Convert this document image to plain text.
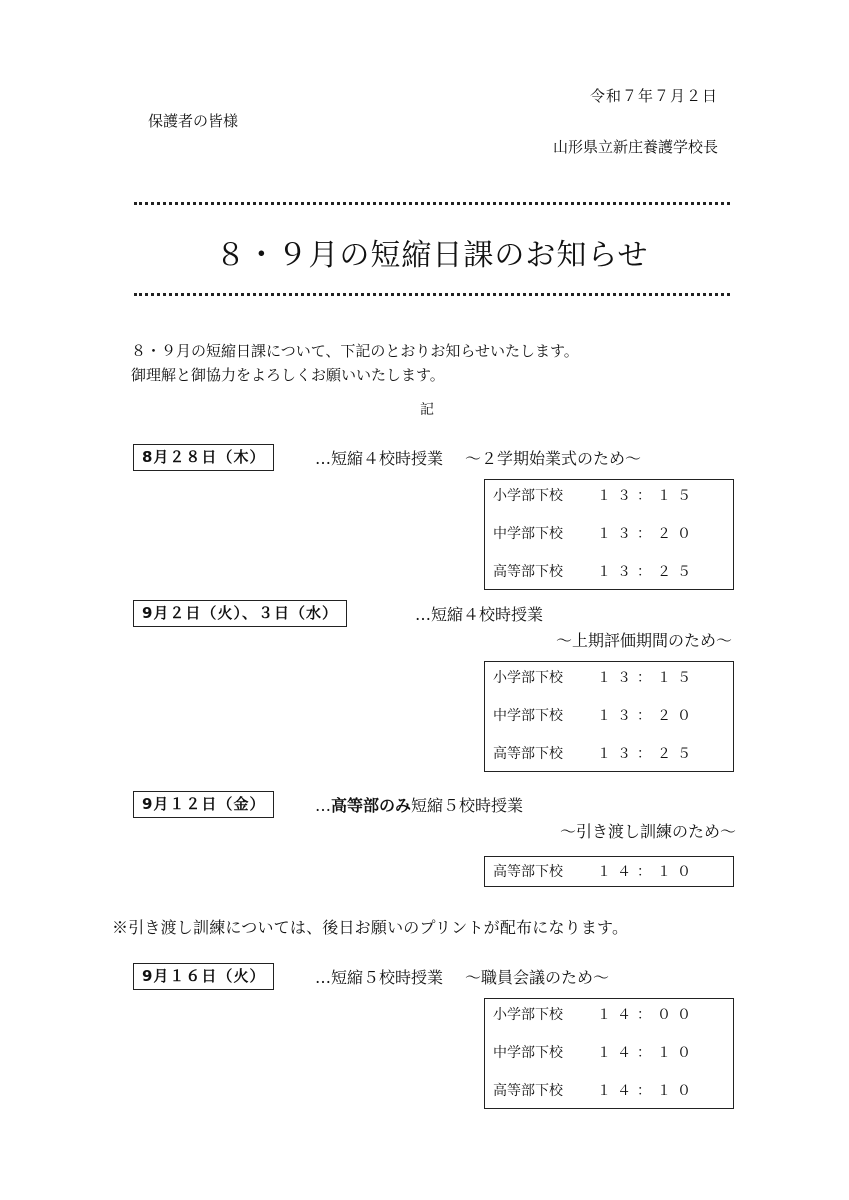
令和７年７月２日
保護者の皆様
山形県立新庄養護学校長
８・９月の短縮日課のお知らせ
８・９月の短縮日課について、下記のとおりお知らせいたします。
御理解と御協力をよろしくお願いいたします。
記
8月２８日（木）	…短縮４校時授業 ～２学期始業式のため～
小学部下校 １３：１５
中学部下校 １３：２０
高等部下校 １３：２５
9月２日（火）、３日（水）	…短縮４校時授業
～上期評価期間のため～
小学部下校 １３：１５
中学部下校 １３：２０
高等部下校 １３：２５
9月１２日（金）	…高等部のみ短縮５校時授業
～引き渡し訓練のため～
高等部下校 １４：１０
※引き渡し訓練については、後日お願いのプリントが配布になります。
9月１６日（火）	…短縮５校時授業 ～職員会議のため～
小学部下校 １４：００
中学部下校 １４：１０
高等部下校 １４：１０
